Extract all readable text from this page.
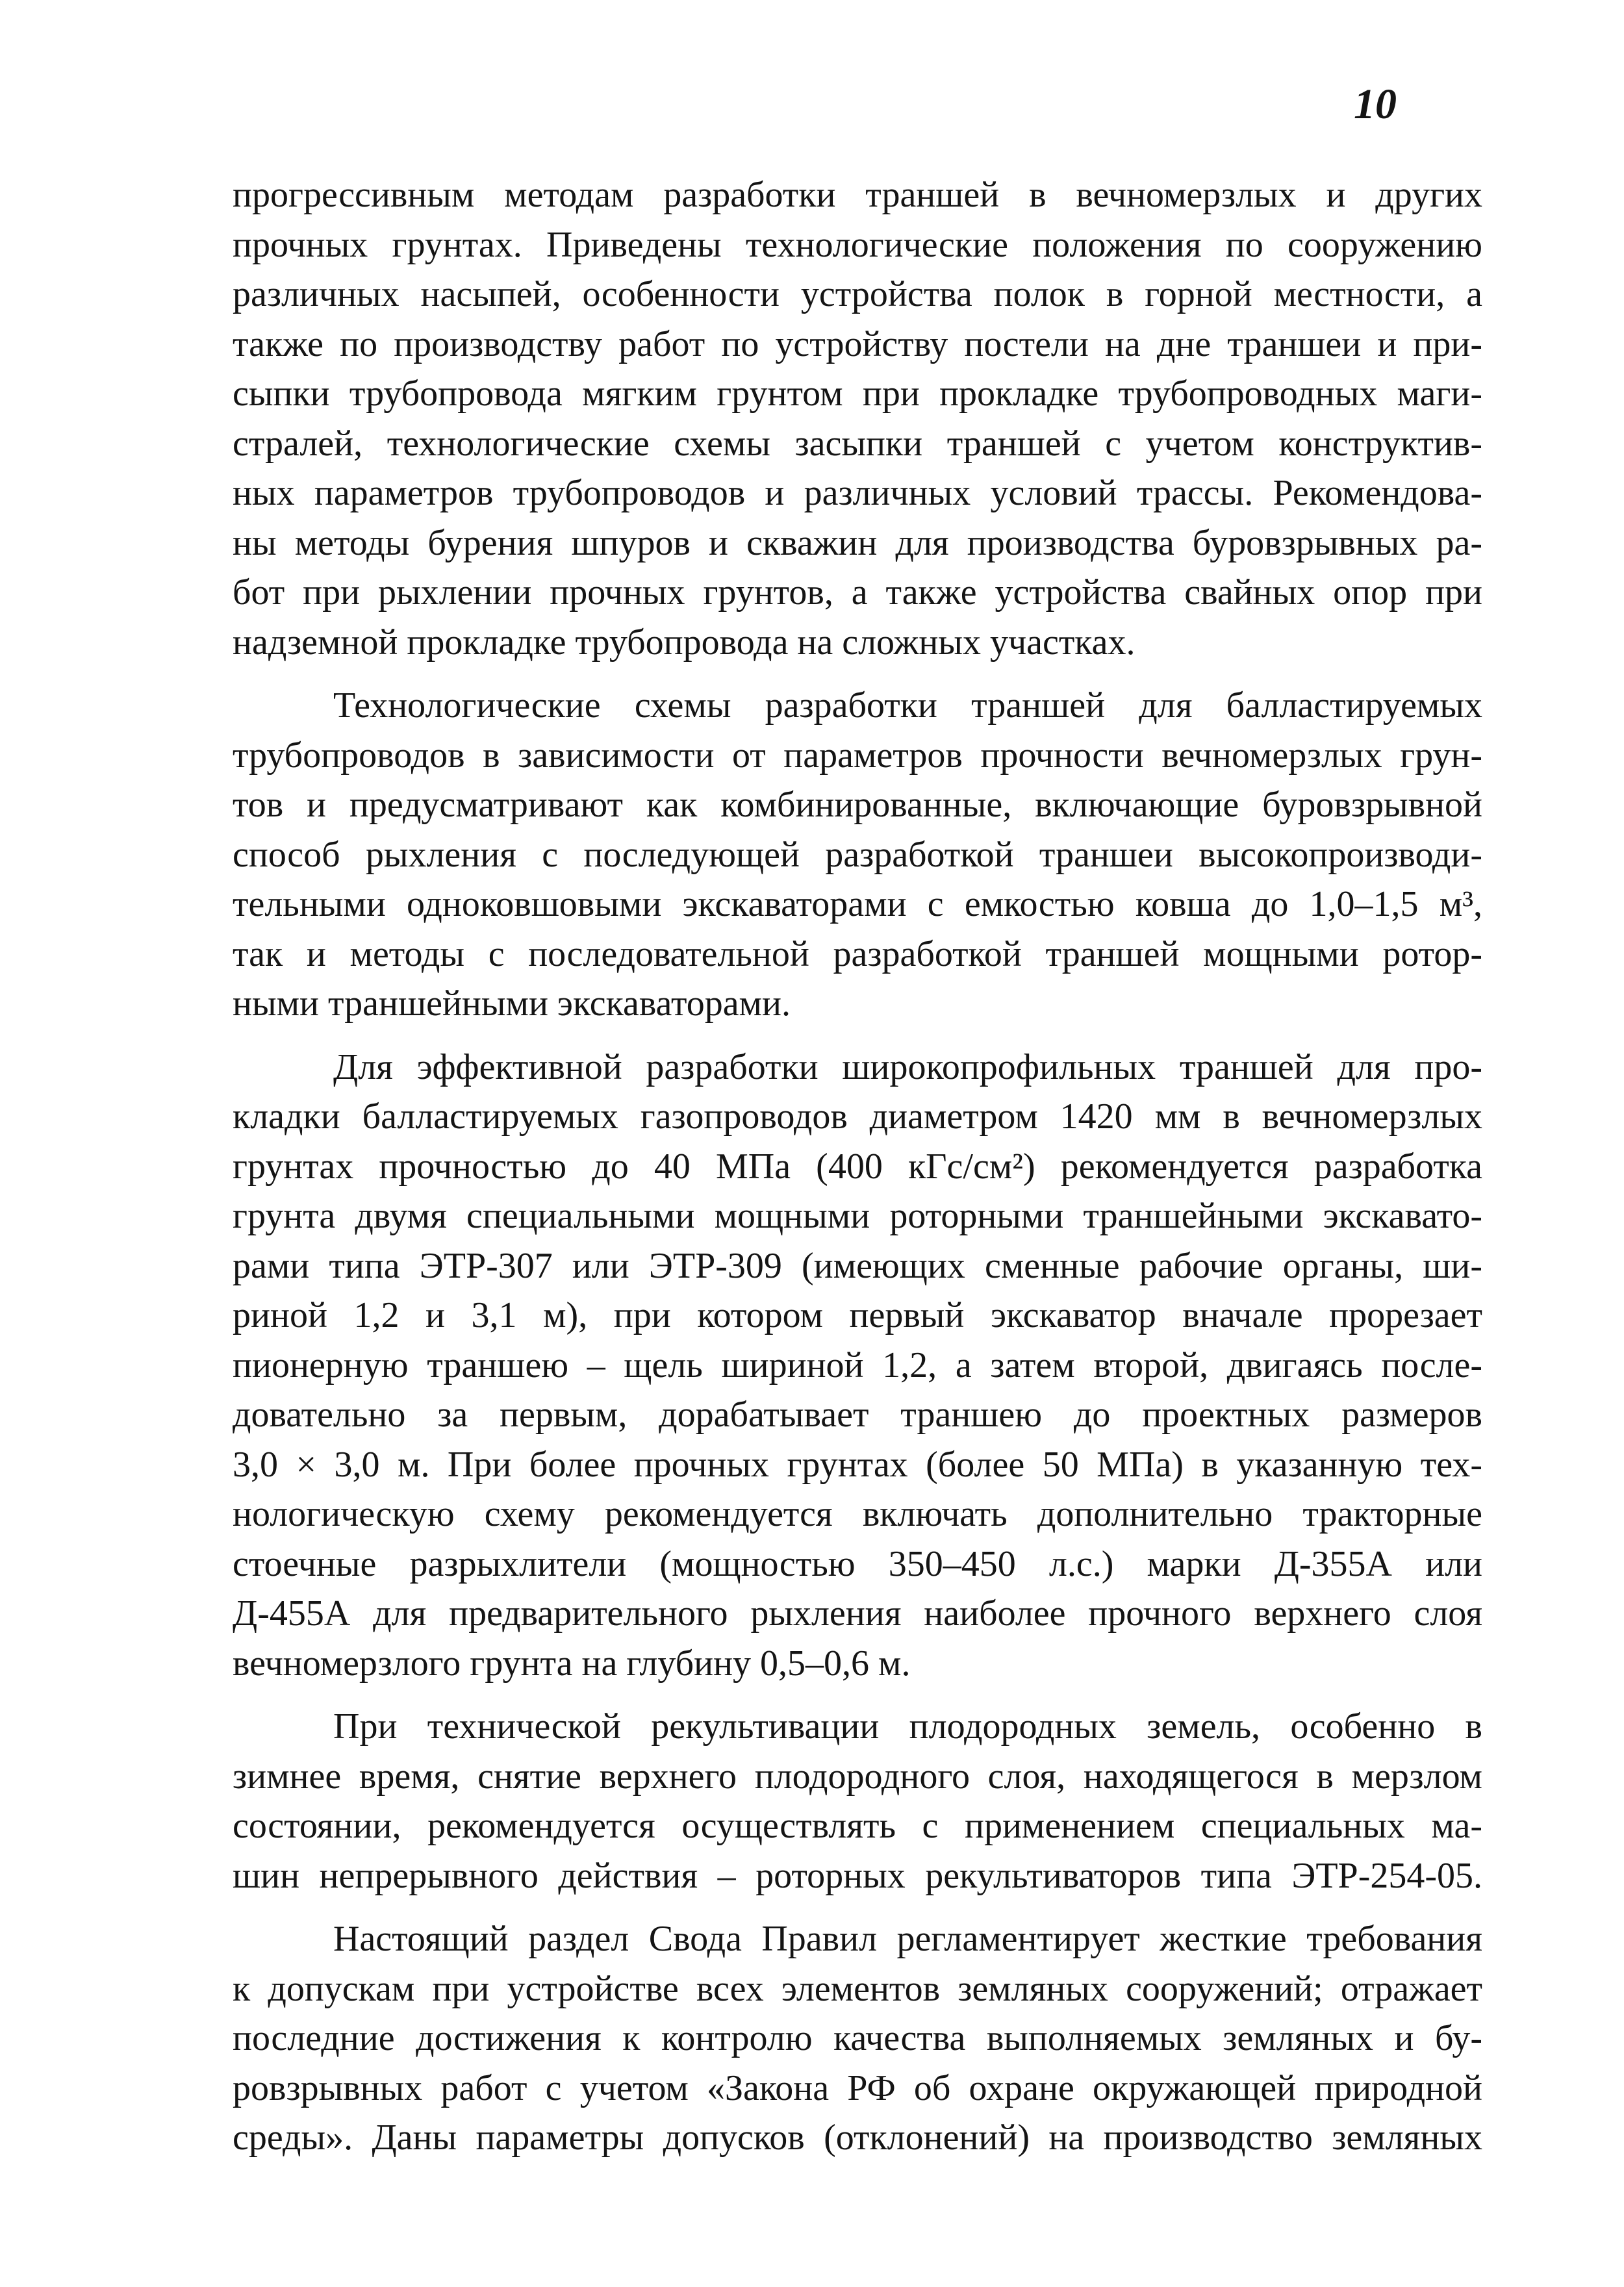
10
прогрессивным методам разработки траншей в вечномерзлых и других
прочных грунтах. Приведены технологические положения по сооружению
различных насыпей, особенности устройства полок в горной местности, а
также по производству работ по устройству постели на дне траншеи и при-
сыпки трубопровода мягким грунтом при прокладке трубопроводных маги-
стралей, технологические схемы засыпки траншей с учетом конструктив-
ных параметров трубопроводов и различных условий трассы. Рекомендова-
ны методы бурения шпуров и скважин для производства буровзрывных ра-
бот при рыхлении прочных грунтов, а также устройства свайных опор при
надземной прокладке трубопровода на сложных участках.
Технологические схемы разработки траншей для балластируемых
трубопроводов в зависимости от параметров прочности вечномерзлых грун-
тов и предусматривают как комбинированные, включающие буровзрывной
способ рыхления с последующей разработкой траншеи высокопроизводи-
тельными одноковшовыми экскаваторами с емкостью ковша до 1,0–1,5 м³,
так и методы с последовательной разработкой траншей мощными ротор-
ными траншейными экскаваторами.
Для эффективной разработки широкопрофильных траншей для про-
кладки балластируемых газопроводов диаметром 1420 мм в вечномерзлых
грунтах прочностью до 40 МПа (400 кГс/см²) рекомендуется разработка
грунта двумя специальными мощными роторными траншейными экскавато-
рами типа ЭТР-307 или ЭТР-309 (имеющих сменные рабочие органы, ши-
риной 1,2 и 3,1 м), при котором первый экскаватор вначале прорезает
пионерную траншею – щель шириной 1,2, а затем второй, двигаясь после-
довательно за первым, дорабатывает траншею до проектных размеров
3,0 × 3,0 м. При более прочных грунтах (более 50 МПа) в указанную тех-
нологическую схему рекомендуется включать дополнительно тракторные
стоечные разрыхлители (мощностью 350–450 л.с.) марки Д-355А или
Д-455А для предварительного рыхления наиболее прочного верхнего слоя
вечномерзлого грунта на глубину 0,5–0,6 м.
При технической рекультивации плодородных земель, особенно в
зимнее время, снятие верхнего плодородного слоя, находящегося в мерзлом
состоянии, рекомендуется осуществлять с применением специальных ма-
шин непрерывного действия – роторных рекультиваторов типа ЭТР-254-05.
Настоящий раздел Свода Правил регламентирует жесткие требования
к допускам при устройстве всех элементов земляных сооружений; отражает
последние достижения к контролю качества выполняемых земляных и бу-
ровзрывных работ с учетом «Закона РФ об охране окружающей природной
среды». Даны параметры допусков (отклонений) на производство земляных
